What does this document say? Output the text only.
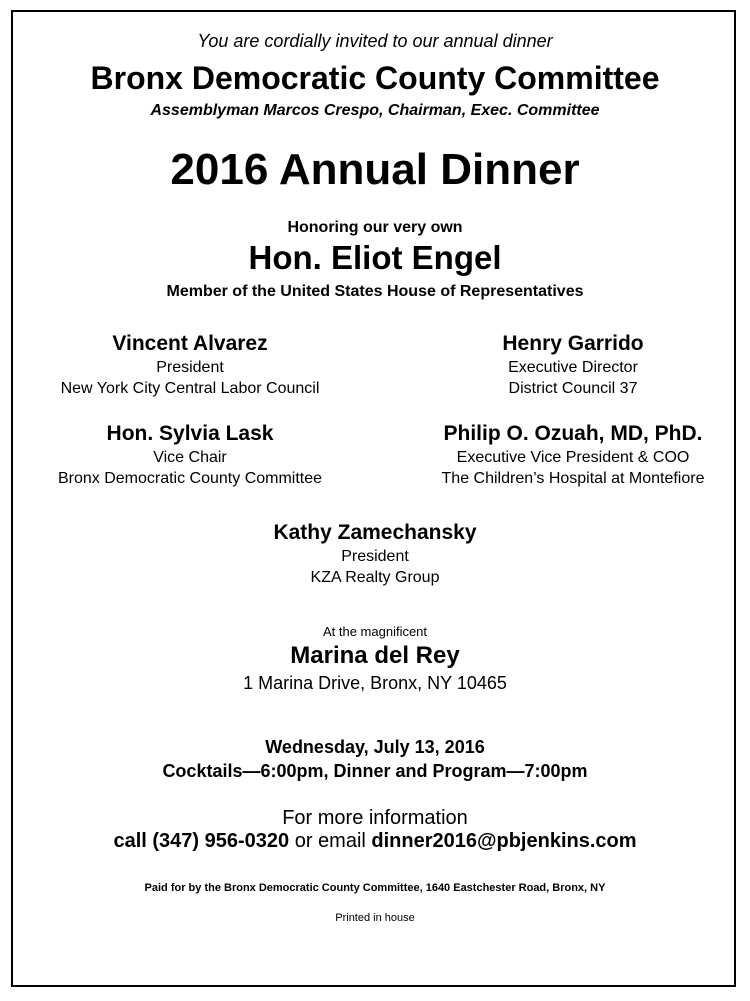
You are cordially invited to our annual dinner
Bronx Democratic County Committee
Assemblyman Marcos Crespo, Chairman, Exec. Committee
2016 Annual Dinner
Honoring our very own
Hon. Eliot Engel
Member of the United States House of Representatives
Vincent Alvarez
President
New York City Central Labor Council
Henry Garrido
Executive Director
District Council 37
Hon. Sylvia Lask
Vice Chair
Bronx Democratic County Committee
Philip O. Ozuah, MD, PhD.
Executive Vice President & COO
The Children’s Hospital at Montefiore
Kathy Zamechansky
President
KZA Realty Group
At the magnificent
Marina del Rey
1 Marina Drive, Bronx, NY 10465
Wednesday, July 13, 2016
Cocktails—6:00pm, Dinner and Program—7:00pm
For more information
call (347) 956-0320 or email dinner2016@pbjenkins.com
Paid for by the Bronx Democratic County Committee, 1640 Eastchester Road, Bronx, NY
Printed in house
